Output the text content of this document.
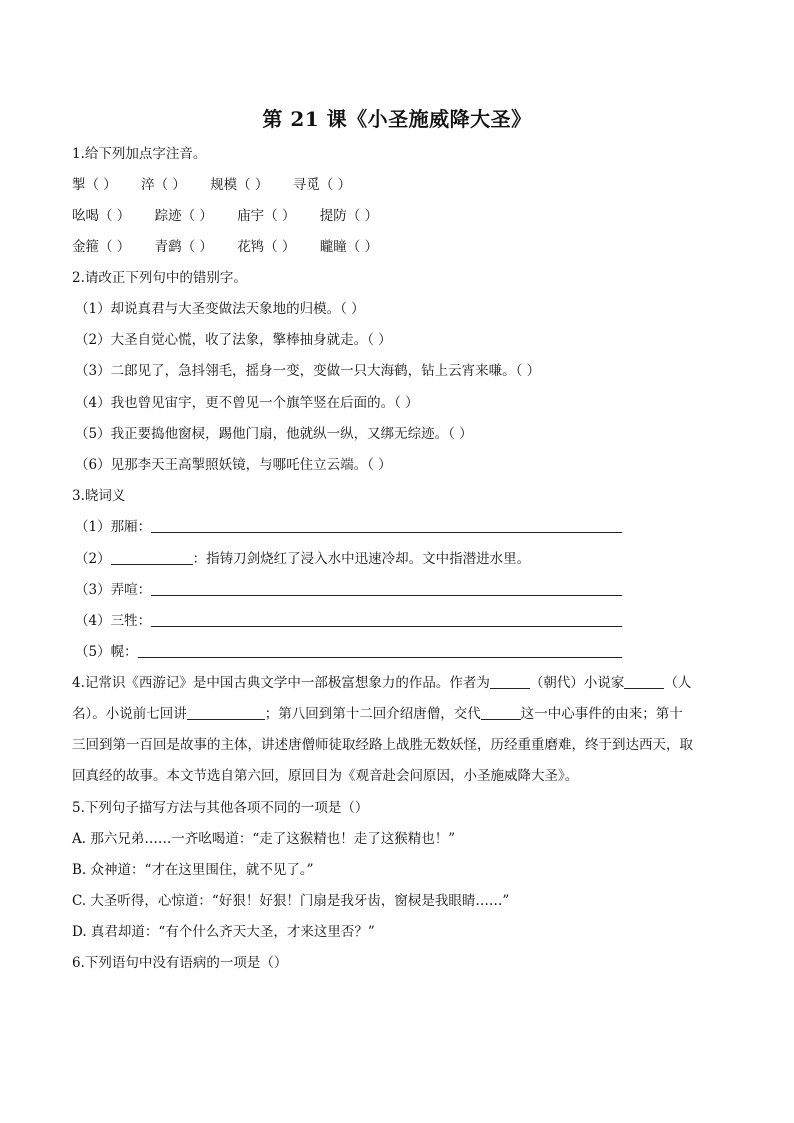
第 21 课《小圣施威降大圣》
1.给下列加点字注音。
掣（ ） 淬（ ） 规模（ ） 寻觅（ ）
吆喝（ ） 踪迹（ ） 庙宇（ ） 提防（ ）
金箍（ ） 青鹞（ ） 花鸨（ ） 矓瞳（ ）
2.请改正下列句中的错别字。
（1）却说真君与大圣变做法天象地的归模。（ ）
（2）大圣自觉心慌，收了法象，擎棒抽身就走。（ ）
（3）二郎见了，急抖翎毛，摇身一变，变做一只大海鹤，钻上云宵来嗛。（ ）
（4）我也曾见宙宇，更不曾见一个旗竿竖在后面的。（ ）
（5）我正要捣他窗棂，踢他门扇，他就纵一纵，又绑无综迹。（ ）
（6）见那李天王高掣照妖镜，与哪吒住立云端。（ ）
3.晓词义
（1）那厢：
（2）	：指铸刀剑烧红了浸入水中迅速冷却。文中指潜进水里。
（3）弄喧：
（4）三牲：
（5）幌：
4.记常识《西游记》是中国古典文学中一部极富想象力的作品。作者为	（朝代）小说家	（人
名）。小说前七回讲	；第八回到第十二回介绍唐僧，交代	这一中心事件的由来；第十
三回到第一百回是故事的主体，讲述唐僧师徒取经路上战胜无数妖怪，历经重重磨难，终于到达西天，取
回真经的故事。本文节选自第六回，原回目为《观音赴会问原因，小圣施威降大圣》。
5.下列句子描写方法与其他各项不同的一项是（）
A. 那六兄弟……一齐吆喝道：“走了这猴精也！走了这猴精也！”
B. 众神道：“才在这里围住，就不见了。”
C. 大圣听得，心惊道：“好狠！好狠！门扇是我牙齿，窗棂是我眼睛……”
D. 真君却道：“有个什么齐天大圣，才来这里否？”
6.下列语句中没有语病的一项是（）
